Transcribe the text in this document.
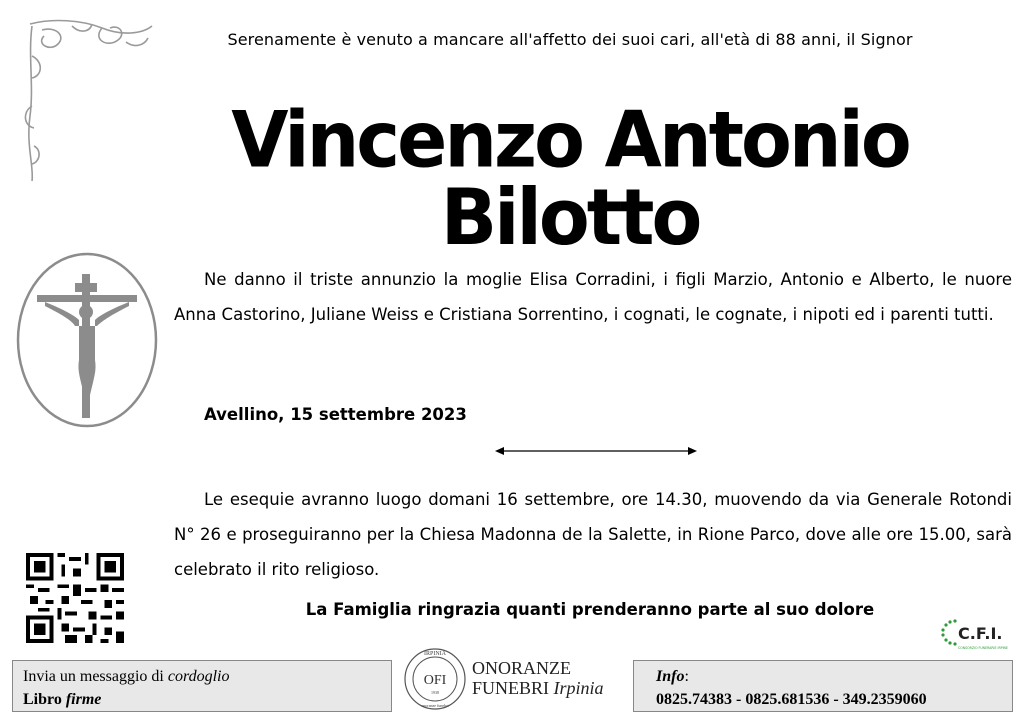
Serenamente è venuto a mancare all'affetto dei suoi cari, all'età di 88 anni, il Signor
Vincenzo Antonio Bilotto
Ne danno il triste annunzio la moglie Elisa Corradini, i figli Marzio, Antonio e Alberto, le nuore Anna Castorino, Juliane Weiss e Cristiana Sorrentino, i cognati, le cognate, i nipoti ed i parenti tutti.
Avellino, 15 settembre 2023
Le esequie avranno luogo domani 16 settembre, ore 14.30, muovendo da via Generale Rotondi N° 26 e proseguiranno per la Chiesa Madonna de la Salette, in Rione Parco, dove alle ore 15.00, sarà celebrato il rito religioso.
La Famiglia ringrazia quanti prenderanno parte al suo dolore
C.F.I.
CONSORZIO FUNERARIE IRPINE
Invia un messaggio di cordoglio
Libro firme
IRPINIA
OFI
1938
onoranze funebri
ONORANZE
FUNEBRI Irpinia
Info:
0825.74383 - 0825.681536 - 349.2359060
